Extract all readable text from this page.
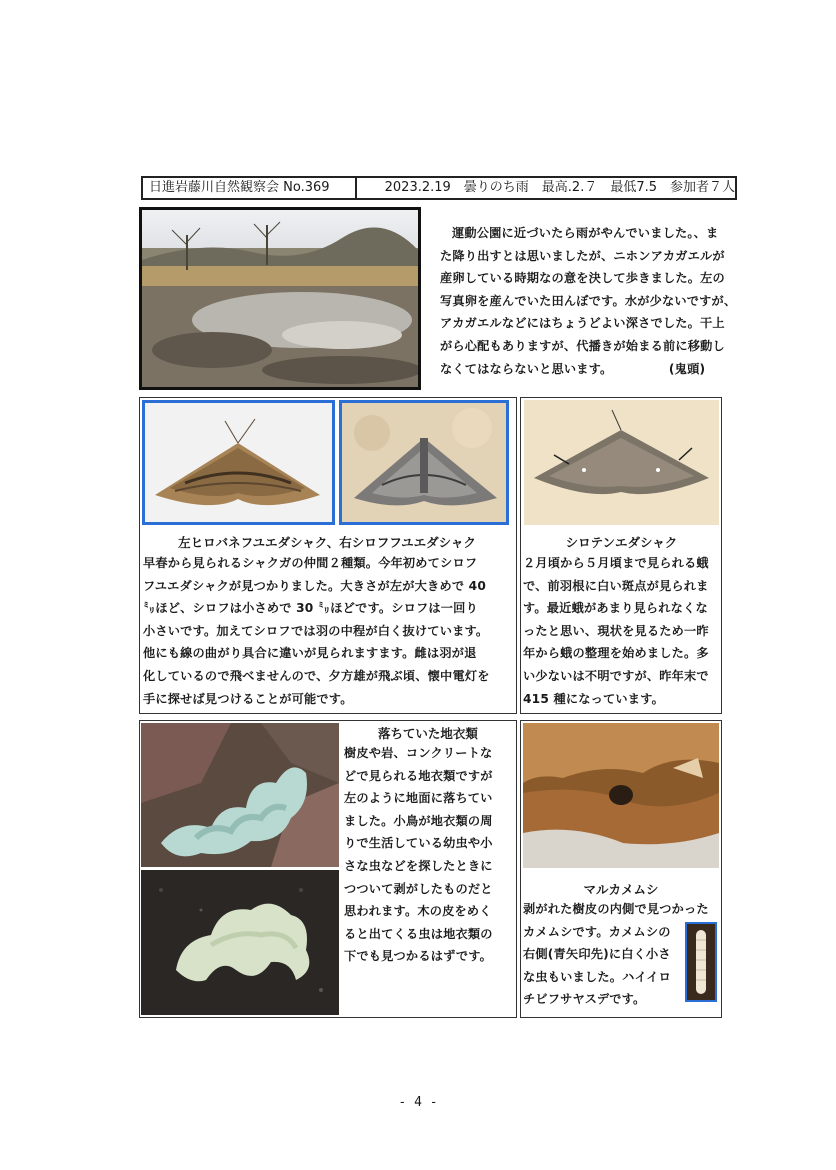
日進岩藤川自然観察会 No.369	2023.2.19　曇りのち雨　最高.2.７　最低7.5　参加者７人
運動公園に近づいたら雨がやんでいました。、ま
た降り出すとは思いましたが、ニホンアカガエルが
産卵している時期なの意を決して歩きました。左の
写真卵を産んでいた田んぼです。水が少ないですが、
アカガエルなどにはちょうどよい深さでした。干上
がら心配もありますが、代播きが始まる前に移動し
なくてはならないと思います。	(鬼頭)
左ヒロバネフユエダシャク、右シロフフユエダシャク
早春から見られるシャクガの仲間２種類。今年初めてシロフ
フユエダシャクが見つかりました。大きさが左が大きめで 40
㍉ほど、シロフは小さめで 30 ㍉ほどです。シロフは一回り
小さいです。加えてシロフでは羽の中程が白く抜けています。
他にも線の曲がり具合に違いが見られますます。雌は羽が退
化しているので飛べませんので、夕方雄が飛ぶ頃、懐中電灯を
手に探せば見つけることが可能です。
シロテンエダシャク
２月頃から５月頃まで見られる蛾
で、前羽根に白い斑点が見られま
す。最近蛾があまり見られなくな
ったと思い、現状を見るため一昨
年から蛾の整理を始めました。多
い少ないは不明ですが、昨年末で
415 種になっています。
落ちていた地衣類
樹皮や岩、コンクリートな
どで見られる地衣類ですが
左のように地面に落ちてい
ました。小鳥が地衣類の周
りで生活している幼虫や小
さな虫などを探したときに
つついて剥がしたものだと
思われます。木の皮をめく
ると出てくる虫は地衣類の
下でも見つかるはずです。
マルカメムシ
剥がれた樹皮の内側で見つかった
カメムシです。カメムシの
右側(青矢印先)に白く小さ
な虫もいました。ハイイロ
チビフサヤスデです。
- 4 -
